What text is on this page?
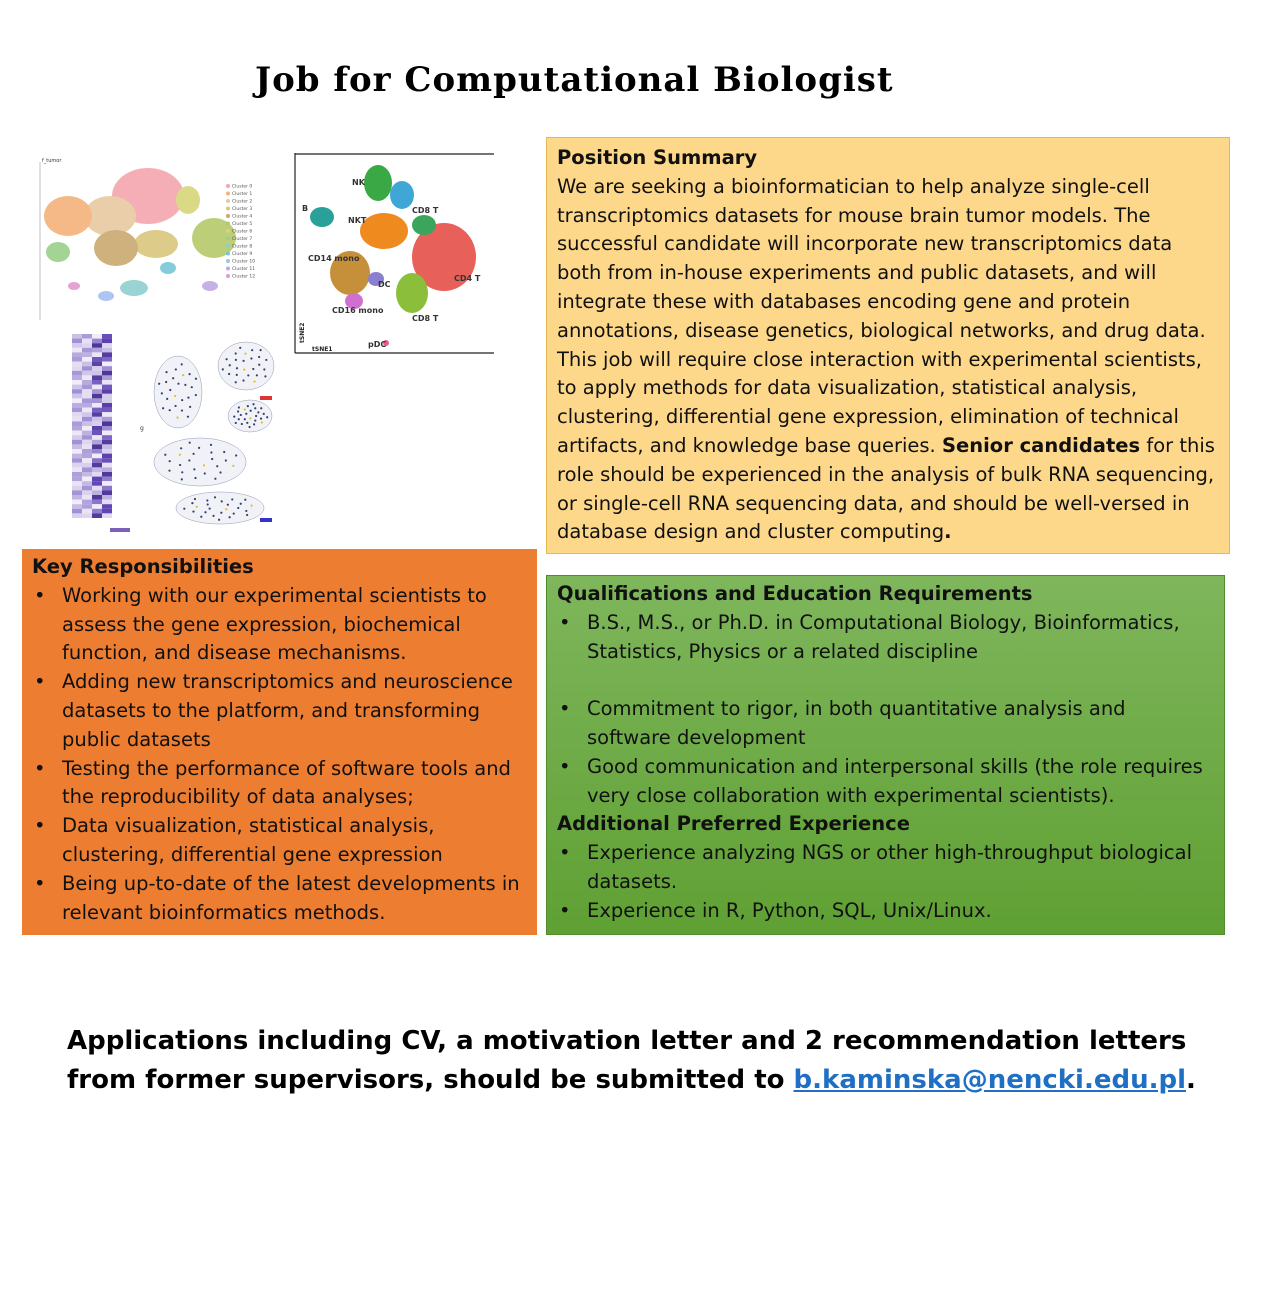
Job for Computational Biologist
f_tumor
Cluster 0
Cluster 1
Cluster 2
Cluster 3
Cluster 4
Cluster 5
Cluster 6
Cluster 7
Cluster 8
Cluster 9
Cluster 10
Cluster 11
Cluster 12
NK
B	CD8 T
NKT
CD4 T
CD14 mono
DC
CD16 mono
CD8 T
pDC
tSNE1
tSNE2
g
Position Summary
We are seeking a bioinformatician to help analyze single-cell transcriptomics datasets for mouse brain tumor models. The successful candidate will incorporate new transcriptomics data both from in-house experiments and public datasets, and will integrate these with databases encoding gene and protein annotations, disease genetics, biological networks, and drug data. This job will require close interaction with experimental scientists, to apply methods for data visualization, statistical analysis, clustering, differential gene expression, elimination of technical artifacts, and knowledge base queries. Senior candidates for this role should be experienced in the analysis of bulk RNA sequencing, or single-cell RNA sequencing data, and should be well-versed in database design and cluster computing.
Key Responsibilities
• Working with our experimental scientists to assess the gene expression, biochemical function, and disease mechanisms.
• Adding new transcriptomics and neuroscience datasets to the platform, and transforming public datasets
• Testing the performance of software tools and the reproducibility of data analyses;
• Data visualization, statistical analysis, clustering, differential gene expression
• Being up-to-date of the latest developments in relevant bioinformatics methods.
Qualifications and Education Requirements
• B.S., M.S., or Ph.D. in Computational Biology, Bioinformatics, Statistics, Physics or a related discipline
• Commitment to rigor, in both quantitative analysis and software development
• Good communication and interpersonal skills (the role requires very close collaboration with experimental scientists).
Additional Preferred Experience
• Experience analyzing NGS or other high-throughput biological datasets.
• Experience in R, Python, SQL, Unix/Linux.
Applications including CV, a motivation letter and 2 recommendation letters from former supervisors, should be submitted to b.kaminska@nencki.edu.pl.
